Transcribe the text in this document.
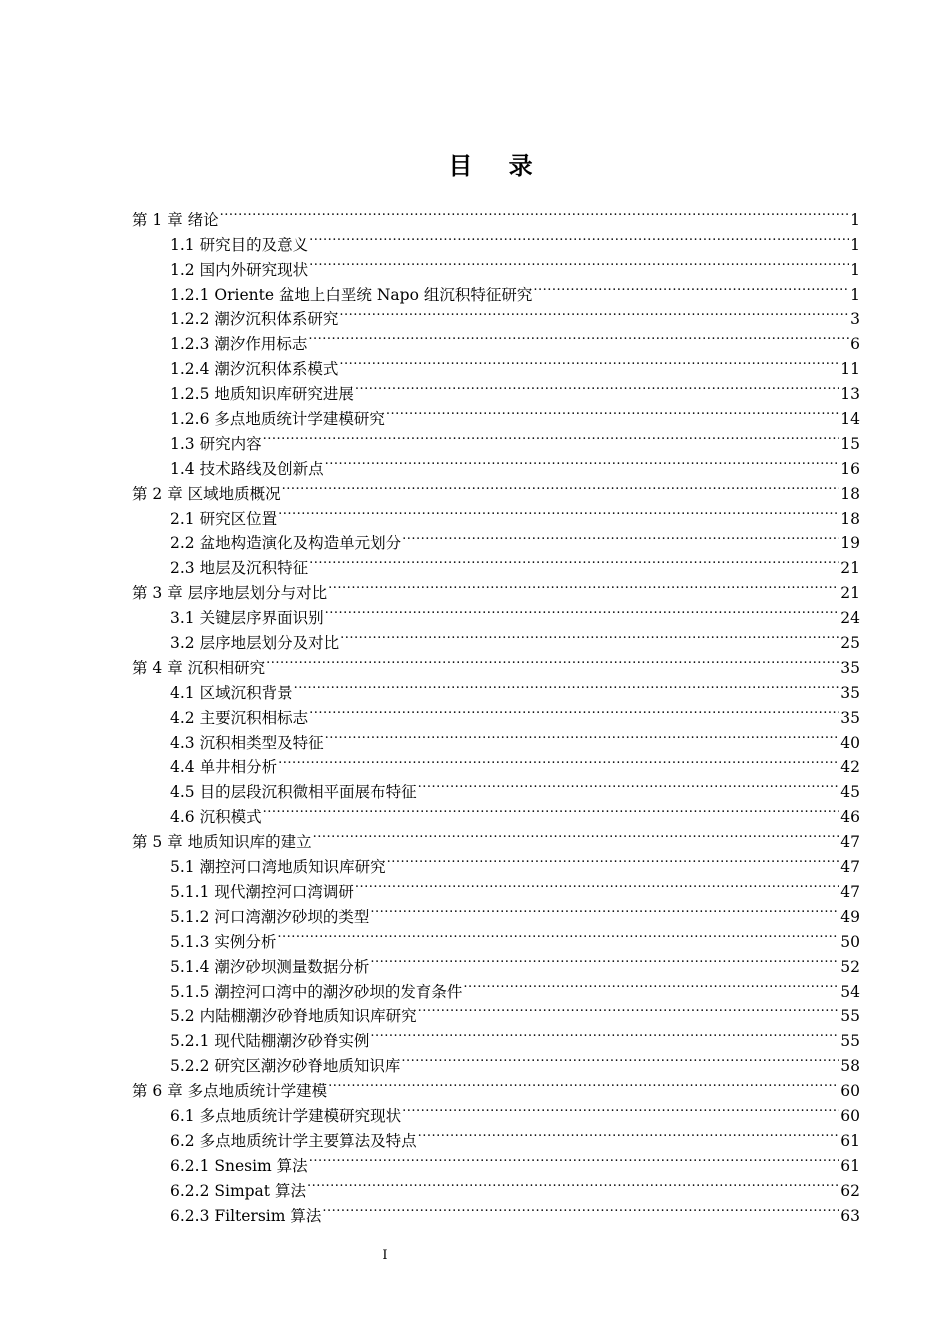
目 录
第 1 章 绪论 .....	1
1.1 研究目的及意义 .....	1
1.2 国内外研究现状 .....	1
1.2.1 Oriente 盆地上白垩统 Napo 组沉积特征研究 .....	1
1.2.2 潮汐沉积体系研究 .....	3
1.2.3 潮汐作用标志 .....	6
1.2.4 潮汐沉积体系模式 .....	11
1.2.5 地质知识库研究进展 .....	13
1.2.6 多点地质统计学建模研究 .....	14
1.3 研究内容 .....	15
1.4 技术路线及创新点 .....	16
第 2 章 区域地质概况 .....	18
2.1 研究区位置 .....	18
2.2 盆地构造演化及构造单元划分 .....	19
2.3 地层及沉积特征 .....	21
第 3 章 层序地层划分与对比 .....	21
3.1 关键层序界面识别 .....	24
3.2 层序地层划分及对比 .....	25
第 4 章 沉积相研究 .....	35
4.1 区域沉积背景 .....	35
4.2 主要沉积相标志 .....	35
4.3 沉积相类型及特征 .....	40
4.4 单井相分析 .....	42
4.5 目的层段沉积微相平面展布特征 .....	45
4.6 沉积模式 .....	46
第 5 章 地质知识库的建立 .....	47
5.1 潮控河口湾地质知识库研究 .....	47
5.1.1 现代潮控河口湾调研 .....	47
5.1.2 河口湾潮汐砂坝的类型 .....	49
5.1.3 实例分析 .....	50
5.1.4 潮汐砂坝测量数据分析 .....	52
5.1.5 潮控河口湾中的潮汐砂坝的发育条件 .....	54
5.2 内陆棚潮汐砂脊地质知识库研究 .....	55
5.2.1 现代陆棚潮汐砂脊实例 .....	55
5.2.2 研究区潮汐砂脊地质知识库 .....	58
第 6 章 多点地质统计学建模 .....	60
6.1 多点地质统计学建模研究现状 .....	60
6.2 多点地质统计学主要算法及特点 .....	61
6.2.1 Snesim 算法 .....	61
6.2.2 Simpat 算法 .....	62
6.2.3 Filtersim 算法 .....	63
I
